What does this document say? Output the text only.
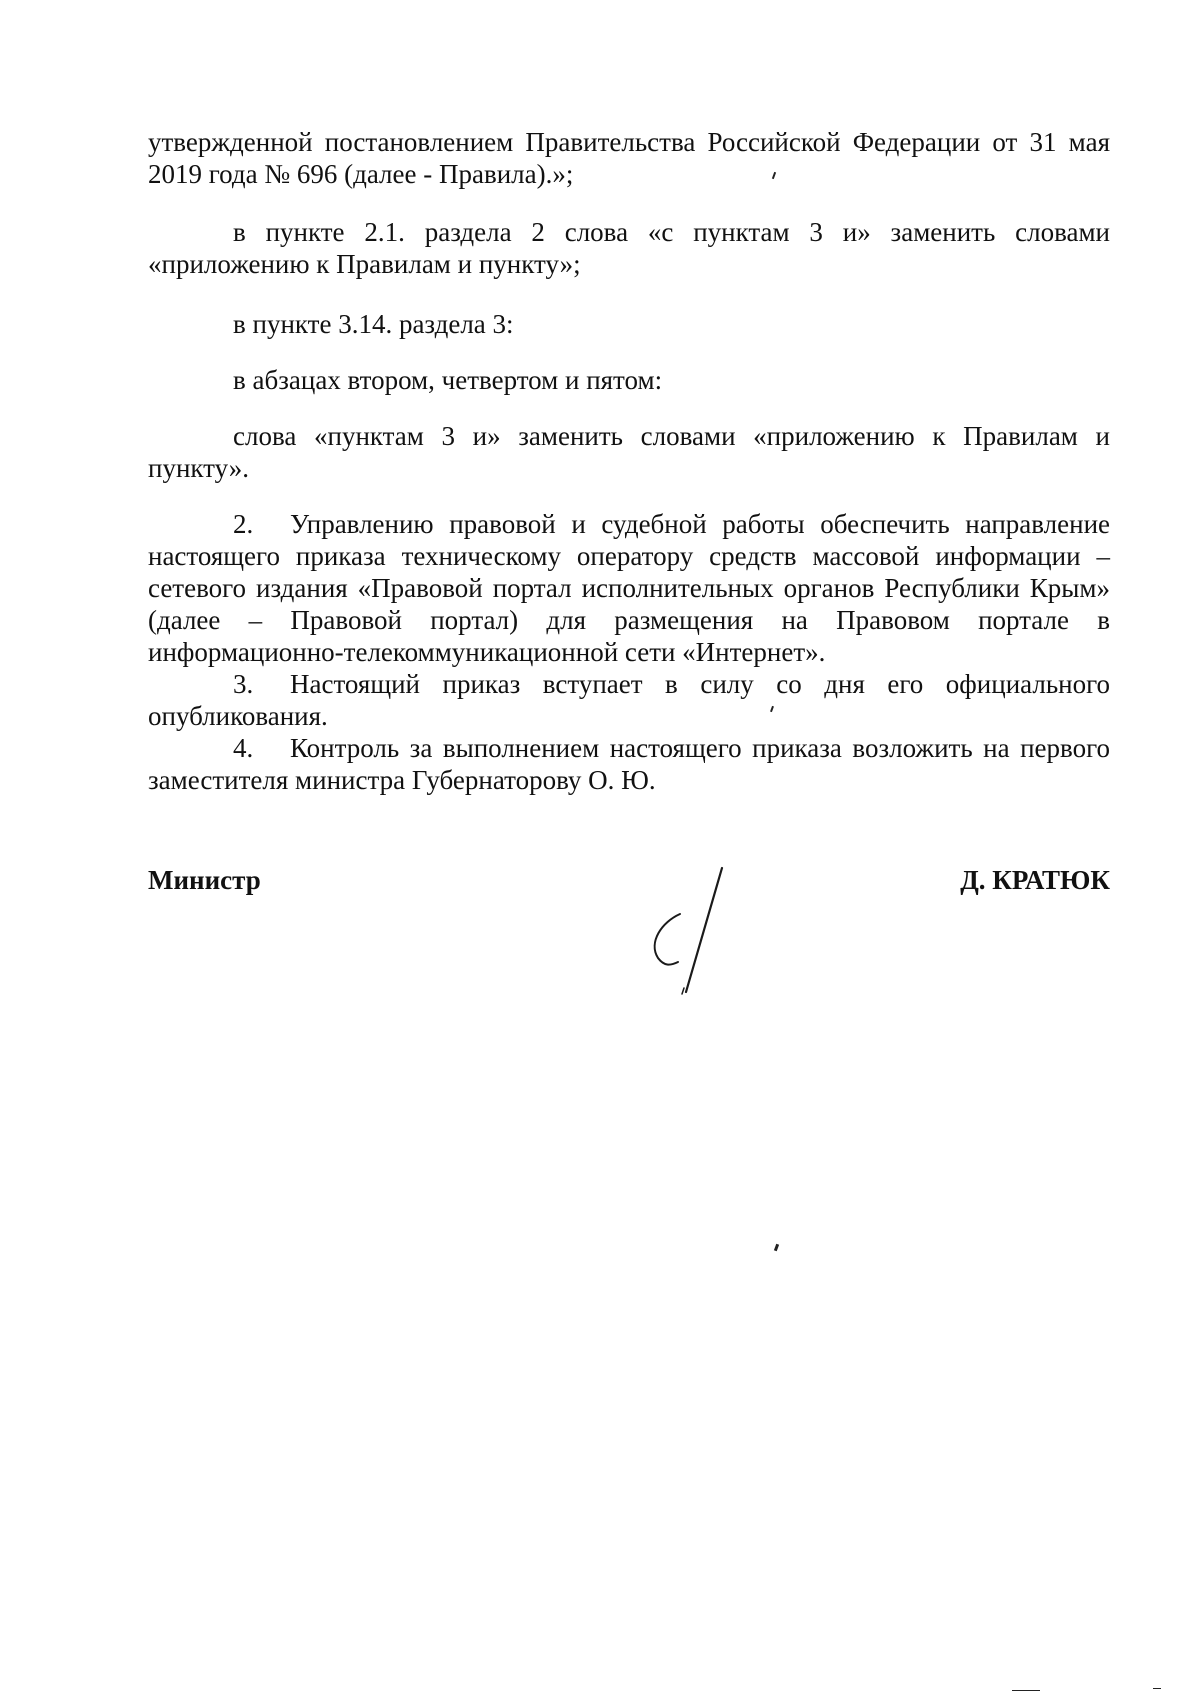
утвержденной постановлением Правительства Российской Федерации от 31 мая 2019 года № 696 (далее - Правила).»;
в пункте 2.1. раздела 2 слова «с пунктам 3 и» заменить словами «приложению к Правилам и пункту»;
в пункте 3.14. раздела 3:
в абзацах втором, четвертом и пятом:
слова «пунктам 3 и» заменить словами «приложению к Правилам и пункту».
2. Управлению правовой и судебной работы обеспечить направление настоящего приказа техническому оператору средств массовой информации – сетевого издания «Правовой портал исполнительных органов Республики Крым» (далее – Правовой портал) для размещения на Правовом портале в информационно-телекоммуникационной сети «Интернет».
3. Настоящий приказ вступает в силу со дня его официального опубликования.
4. Контроль за выполнением настоящего приказа возложить на первого заместителя министра Губернаторову О. Ю.
Министр	Д. КРАТЮК
